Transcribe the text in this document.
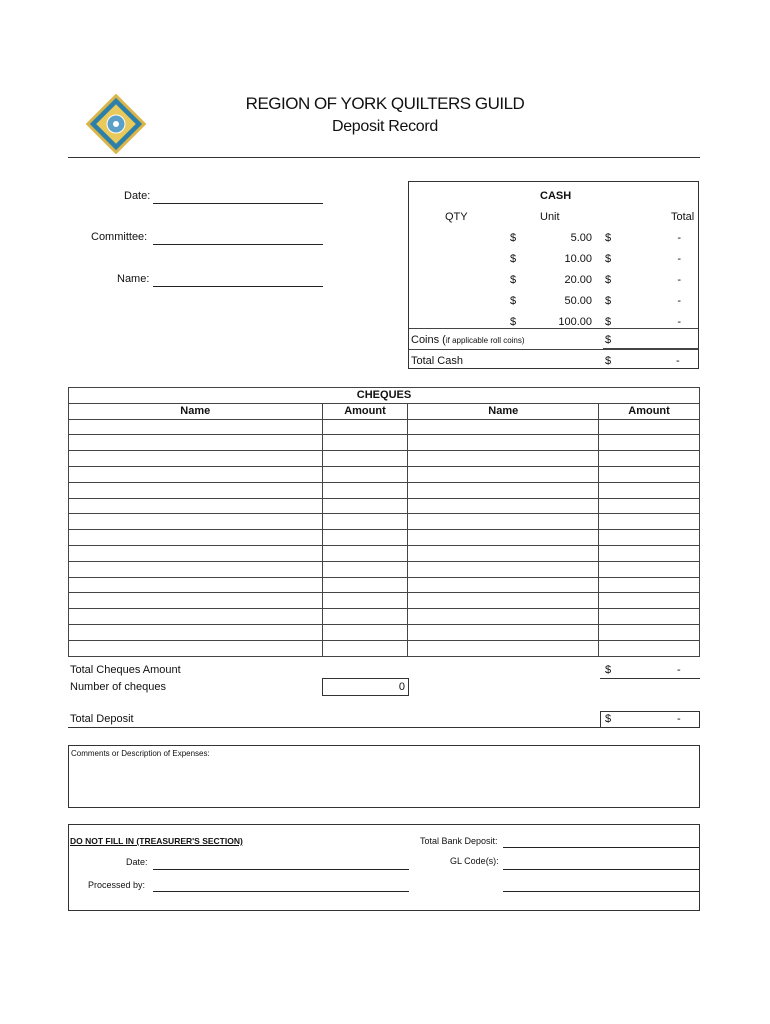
REGION OF YORK QUILTERS GUILD
Deposit Record
Date:
Committee:
Name:
CASH
QTY	Unit	Total
$	5.00 $	-
$	10.00 $	-
$	20.00 $	-
$	50.00 $	-
$	100.00 $	-
Coins (if applicable roll coins)	$
Total Cash	$	-
CHEQUES			
Name	Amount	Name	Amount

Total Cheques Amount	$	-
Number of cheques	0
Total Deposit	$	-
Comments or Description of Expenses:
DO NOT FILL IN (TREASURER'S SECTION)
Date:
Processed by:
Total Bank Deposit:
GL Code(s):
